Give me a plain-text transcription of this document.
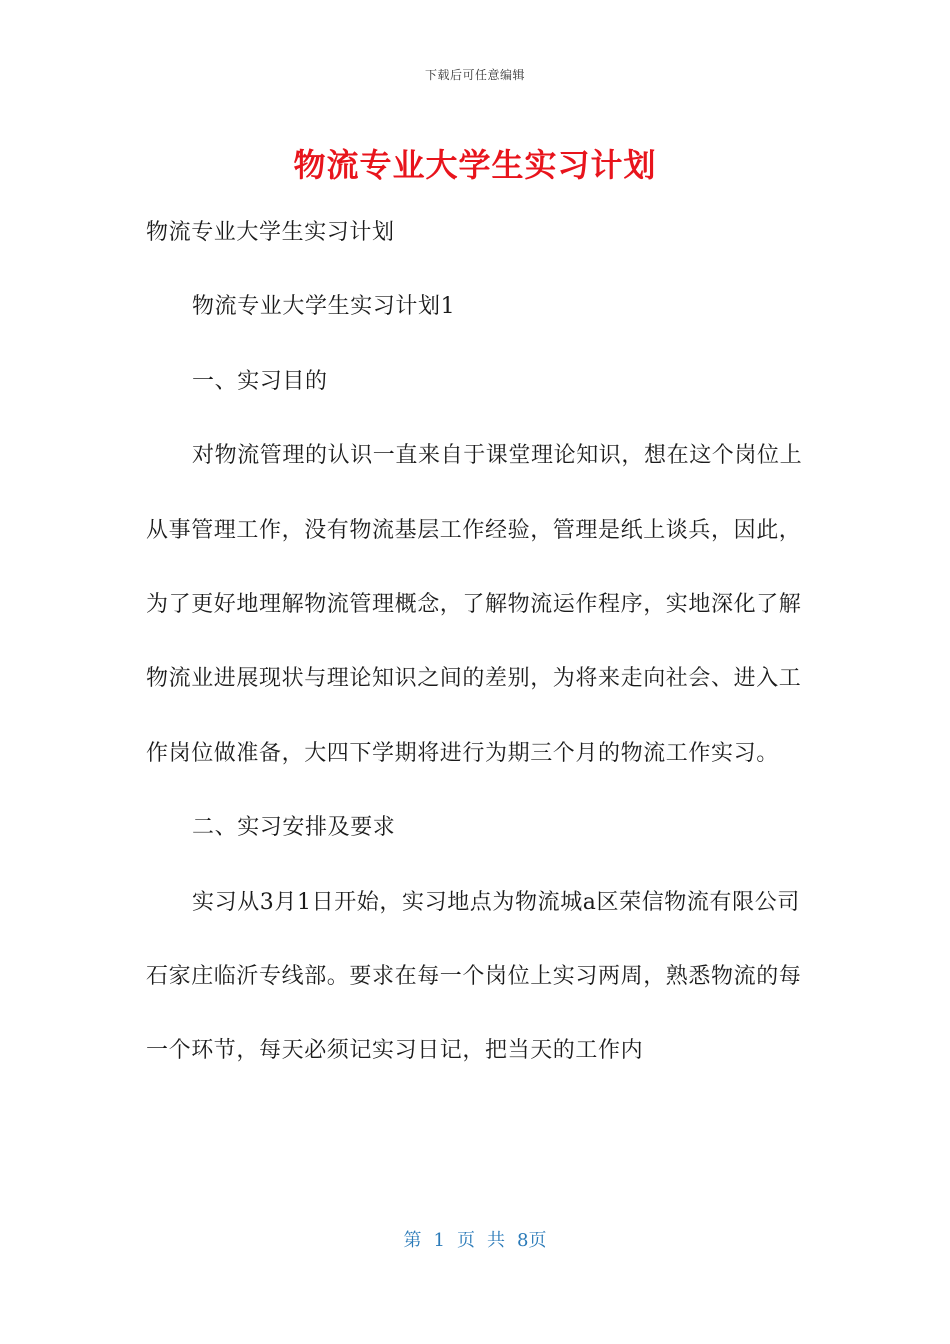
下载后可任意编辑
物流专业大学生实习计划

物流专业大学生实习计划

物流专业大学生实习计划1

一、实习目的

对物流管理的认识一直来自于课堂理论知识，想在这个岗位上从事管理工作，没有物流基层工作经验，管理是纸上谈兵，因此，为了更好地理解物流管理概念，了解物流运作程序，实地深化了解物流业进展现状与理论知识之间的差别，为将来走向社会、进入工作岗位做准备，大四下学期将进行为期三个月的物流工作实习。

二、实习安排及要求

实习从3月1日开始，实习地点为物流城a区荣信物流有限公司石家庄临沂专线部。要求在每一个岗位上实习两周，熟悉物流的每一个环节，每天必须记实习日记，把当天的工作内

第 1 页 共 8页
